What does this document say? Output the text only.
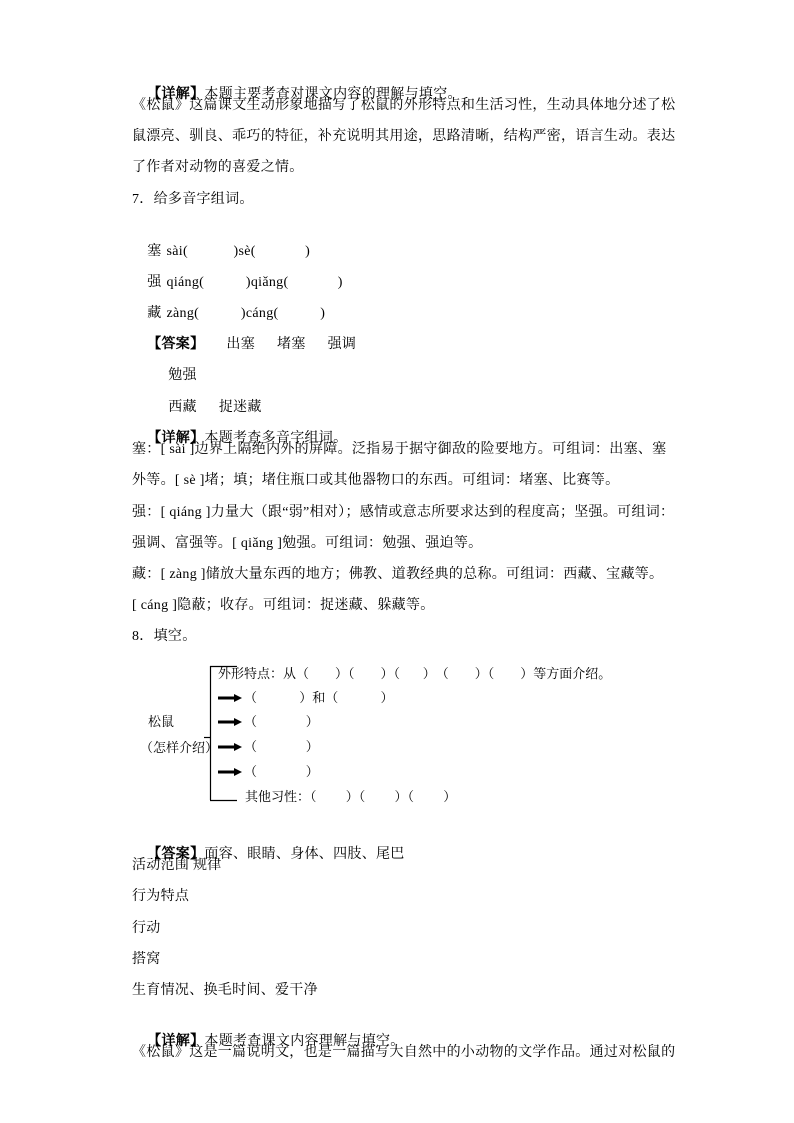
【详解】本题主要考查对课文内容的理解与填空。

《松鼠》这篇课文生动形象地描写了松鼠的外形特点和生活习性，生动具体地分述了松
鼠漂亮、驯良、乖巧的特征，补充说明其用途，思路清晰，结构严密，语言生动。表达
了作者对动物的喜爱之情。
7．给多音字组词。

塞 sài(            )sè(             )

强 qiáng(           )qiǎng(             )

藏 zàng(           )cáng(           )

【答案】 出塞 堵塞 强调

勉强

西藏 捉迷藏

【详解】本题考查多音字组词。

塞：[ sài ]边界上隔绝内外的屏障。泛指易于据守御敌的险要地方。可组词：出塞、塞
外等。[ sè ]堵；填；堵住瓶口或其他器物口的东西。可组词：堵塞、比赛等。
强：[ qiáng ]力量大（跟“弱”相对）；感情或意志所要求达到的程度高；坚强。可组词：
强调、富强等。[ qiǎng ]勉强。可组词：勉强、强迫等。
藏：[ zàng ]储放大量东西的地方；佛教、道教经典的总称。可组词：西藏、宝藏等。
[ cáng ]隐蔽；收存。可组词：捉迷藏、躲藏等。
8．填空。
松鼠
（怎样介绍）
外形特点：从（        ）（        ）（       ）　（        ）（        ）等方面介绍。
（             ）和（             ）
（               ）
（               ）
（               ）
其他习性：（         ）（         ）（         ）

【答案】面容、眼睛、身体、四肢、尾巴

活动范围 规律
行为特点
行动
搭窝
生育情况、换毛时间、爱干净

【详解】本题考查课文内容理解与填空。

《松鼠》这是一篇说明文，也是一篇描写大自然中的小动物的文学作品。通过对松鼠的
